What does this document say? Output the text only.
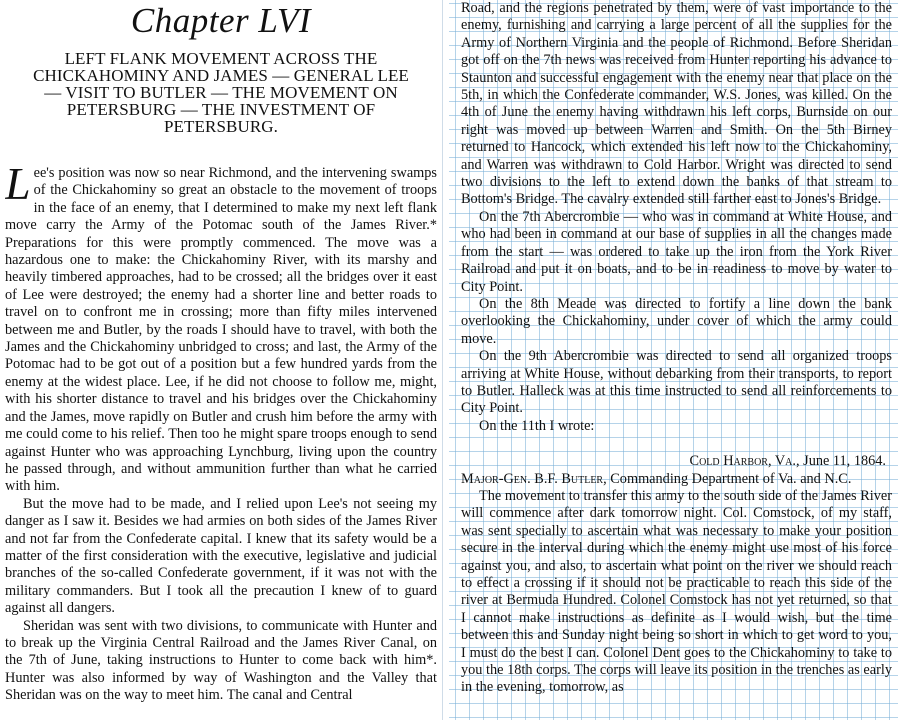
Chapter LVI
LEFT FLANK MOVEMENT ACROSS THE CHICKAHOMINY AND JAMES — GENERAL LEE — VISIT TO BUTLER — THE MOVEMENT ON PETERSBURG — THE INVESTMENT OF PETERSBURG.

Lee's position was now so near Richmond, and the intervening swamps of the Chickahominy so great an obstacle to the movement of troops in the face of an enemy, that I determined to make my next left flank move carry the Army of the Potomac south of the James River.* Preparations for this were promptly commenced. The move was a hazardous one to make: the Chickahominy River, with its marshy and heavily timbered approaches, had to be crossed; all the bridges over it east of Lee were destroyed; the enemy had a shorter line and better roads to travel on to confront me in crossing; more than fifty miles intervened between me and Butler, by the roads I should have to travel, with both the James and the Chickahominy unbridged to cross; and last, the Army of the Potomac had to be got out of a position but a few hundred yards from the enemy at the widest place. Lee, if he did not choose to follow me, might, with his shorter distance to travel and his bridges over the Chickahominy and the James, move rapidly on Butler and crush him before the army with me could come to his relief. Then too he might spare troops enough to send against Hunter who was approaching Lynchburg, living upon the country he passed through, and without ammunition further than what he carried with him.

But the move had to be made, and I relied upon Lee's not seeing my danger as I saw it. Besides we had armies on both sides of the James River and not far from the Confederate capital. I knew that its safety would be a matter of the first consideration with the executive, legislative and judicial branches of the so-called Confederate government, if it was not with the military commanders. But I took all the precaution I knew of to guard against all dangers.

Sheridan was sent with two divisions, to communicate with Hunter and to break up the Virginia Central Railroad and the James River Canal, on the 7th of June, taking instructions to Hunter to come back with him*. Hunter was also informed by way of Washington and the Valley that Sheridan was on the way to meet him. The canal and Central

Road, and the regions penetrated by them, were of vast importance to the enemy, furnishing and carrying a large percent of all the supplies for the Army of Northern Virginia and the people of Richmond. Before Sheridan got off on the 7th news was received from Hunter reporting his advance to Staunton and successful engagement with the enemy near that place on the 5th, in which the Confederate commander, W.S. Jones, was killed. On the 4th of June the enemy having withdrawn his left corps, Burnside on our right was moved up between Warren and Smith. On the 5th Birney returned to Hancock, which extended his left now to the Chickahominy, and Warren was withdrawn to Cold Harbor. Wright was directed to send two divisions to the left to extend down the banks of that stream to Bottom's Bridge. The cavalry extended still farther east to Jones's Bridge.

On the 7th Abercrombie — who was in command at White House, and who had been in command at our base of supplies in all the changes made from the start — was ordered to take up the iron from the York River Railroad and put it on boats, and to be in readiness to move by water to City Point.

On the 8th Meade was directed to fortify a line down the bank overlooking the Chickahominy, under cover of which the army could move.

On the 9th Abercrombie was directed to send all organized troops arriving at White House, without debarking from their transports, to report to Butler. Halleck was at this time instructed to send all reinforcements to City Point.

On the 11th I wrote:

Cold Harbor, Va., June 11, 1864.
Major-Gen. B.F. Butler, Commanding Department of Va. and N.C.

The movement to transfer this army to the south side of the James River will commence after dark tomorrow night. Col. Comstock, of my staff, was sent specially to ascertain what was necessary to make your position secure in the interval during which the enemy might use most of his force against you, and also, to ascertain what point on the river we should reach to effect a crossing if it should not be practicable to reach this side of the river at Bermuda Hundred. Colonel Comstock has not yet returned, so that I cannot make instructions as definite as I would wish, but the time between this and Sunday night being so short in which to get word to you, I must do the best I can. Colonel Dent goes to the Chickahominy to take to you the 18th corps. The corps will leave its position in the trenches as early in the evening, tomorrow, as
